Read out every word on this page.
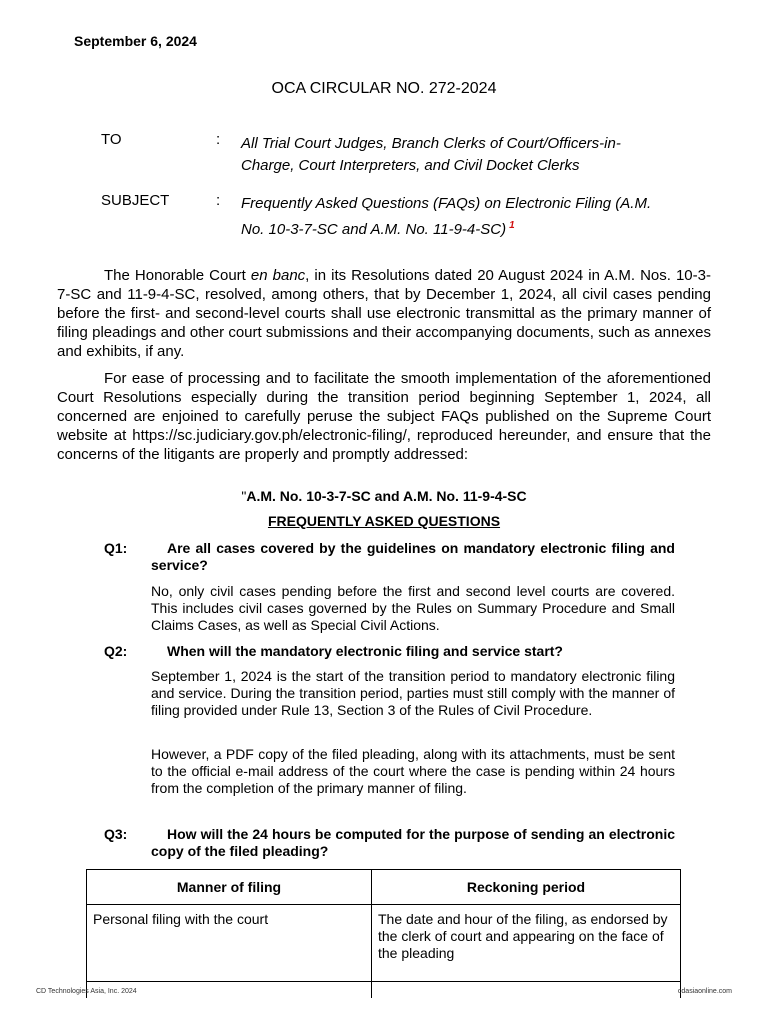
September 6, 2024
OCA CIRCULAR NO. 272-2024
TO	: All Trial Court Judges, Branch Clerks of Court/Officers-in-
Charge, Court Interpreters, and Civil Docket Clerks
SUBJECT	: Frequently Asked Questions (FAQs) on Electronic Filing (A.M.
No. 10-3-7-SC and A.M. No. 11-9-4-SC) $^1$
The Honorable Court en banc, in its Resolutions dated 20 August 2024 in A.M. Nos. 10-3-7-SC and 11-9-4-SC, resolved, among others, that by December 1, 2024, all civil cases pending before the first- and second-level courts shall use electronic transmittal as the primary manner of filing pleadings and other court submissions and their accompanying documents, such as annexes and exhibits, if any.
For ease of processing and to facilitate the smooth implementation of the aforementioned Court Resolutions especially during the transition period beginning September 1, 2024, all concerned are enjoined to carefully peruse the subject FAQs published on the Supreme Court website at https://sc.judiciary.gov.ph/electronic-filing/, reproduced hereunder, and ensure that the concerns of the litigants are properly and promptly addressed:
"A.M. No. 10-3-7-SC and A.M. No. 11-9-4-SC
FREQUENTLY ASKED QUESTIONS
Q1:	Are all cases covered by the guidelines on mandatory electronic filing and service?
No, only civil cases pending before the first and second level courts are covered. This includes civil cases governed by the Rules on Summary Procedure and Small Claims Cases, as well as Special Civil Actions.
Q2:	When will the mandatory electronic filing and service start?
September 1, 2024 is the start of the transition period to mandatory electronic filing and service. During the transition period, parties must still comply with the manner of filing provided under Rule 13, Section 3 of the Rules of Civil Procedure.
However, a PDF copy of the filed pleading, along with its attachments, must be sent to the official e-mail address of the court where the case is pending within 24 hours from the completion of the primary manner of filing.
Q3:	How will the 24 hours be computed for the purpose of sending an electronic copy of the filed pleading?
Manner of filing	Reckoning period
Personal filing with the court	The date and hour of the filing, as endorsed by the clerk of court and appearing on the face of the pleading

CD Technologies Asia, Inc. 2024	cdasiaonline.com
